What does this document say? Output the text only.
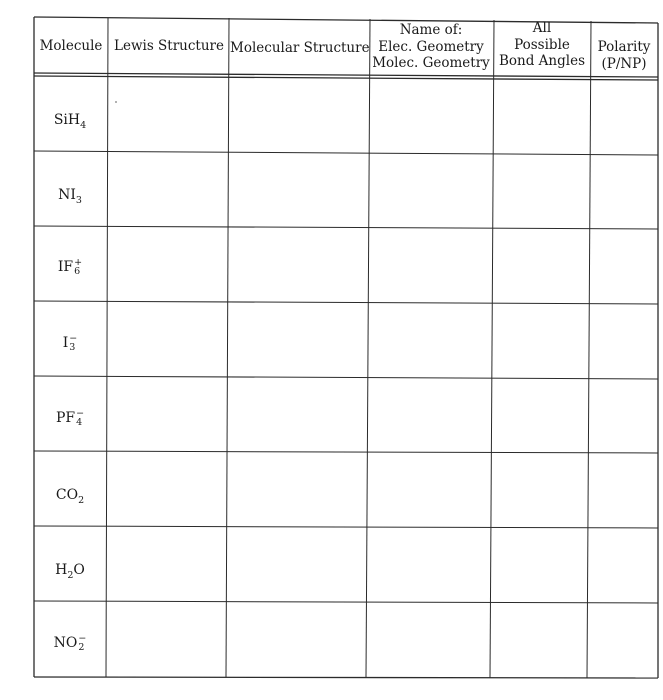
Molecule Lewis Structure Molecular Structure
Name of:
Elec. Geometry
Molec. Geometry
All
Possible
Bond Angles
Polarity
(P/NP)
SiH$_4$
$NI_3$
IF +
6
I −
3
PF −
4
$CO_2$
$H_2O$
NO −
2
